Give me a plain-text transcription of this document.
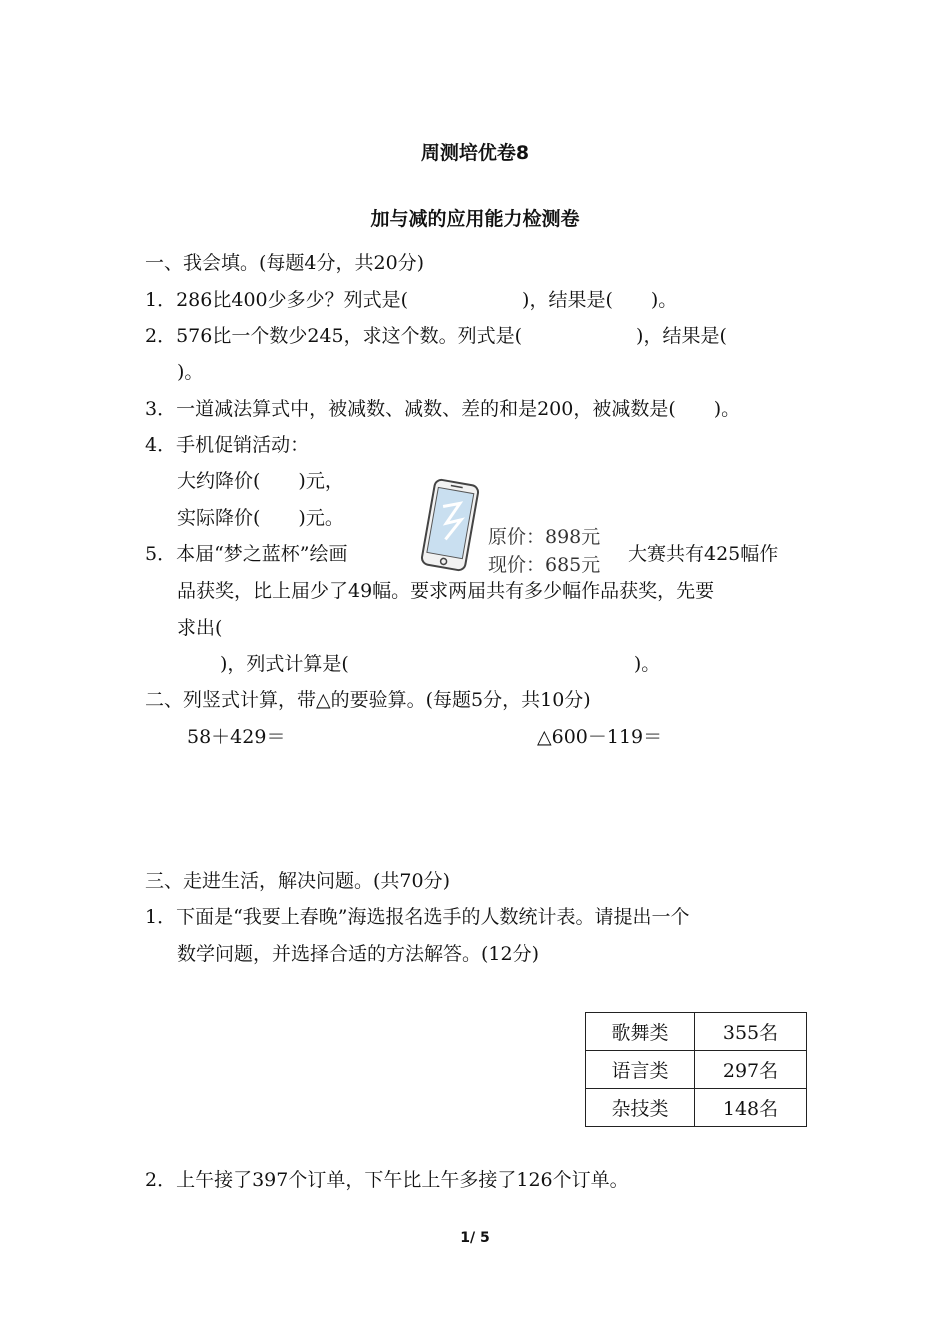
周测培优卷8
加与减的应用能力检测卷
一、我会填。(每题4分，共20分)
1．286比400少多少？列式是(　　　　　　)，结果是(　　)。
2．576比一个数少245，求这个数。列式是(　　　　　　)，结果是(
)。
3．一道减法算式中，被减数、减数、差的和是200，被减数是(　　)。
4．手机促销活动：
大约降价(　　)元，
实际降价(　　)元。
原价：898元
现价：685元
5．本届“梦之蓝杯”绘画	大赛共有425幅作
品获奖，比上届少了49幅。要求两届共有多少幅作品获奖，先要
求出(
)，列式计算是(　　　　　　　　　　　　　　　)。
二、列竖式计算，带△的要验算。(每题5分，共10分)
58＋429＝	△600－119＝
三、走进生活，解决问题。(共70分)
1．下面是“我要上春晚”海选报名选手的人数统计表。请提出一个
数学问题，并选择合适的方法解答。(12分)
歌舞类	355名
语言类	297名
杂技类	148名
2．上午接了397个订单，下午比上午多接了126个订单。
1/ 5
